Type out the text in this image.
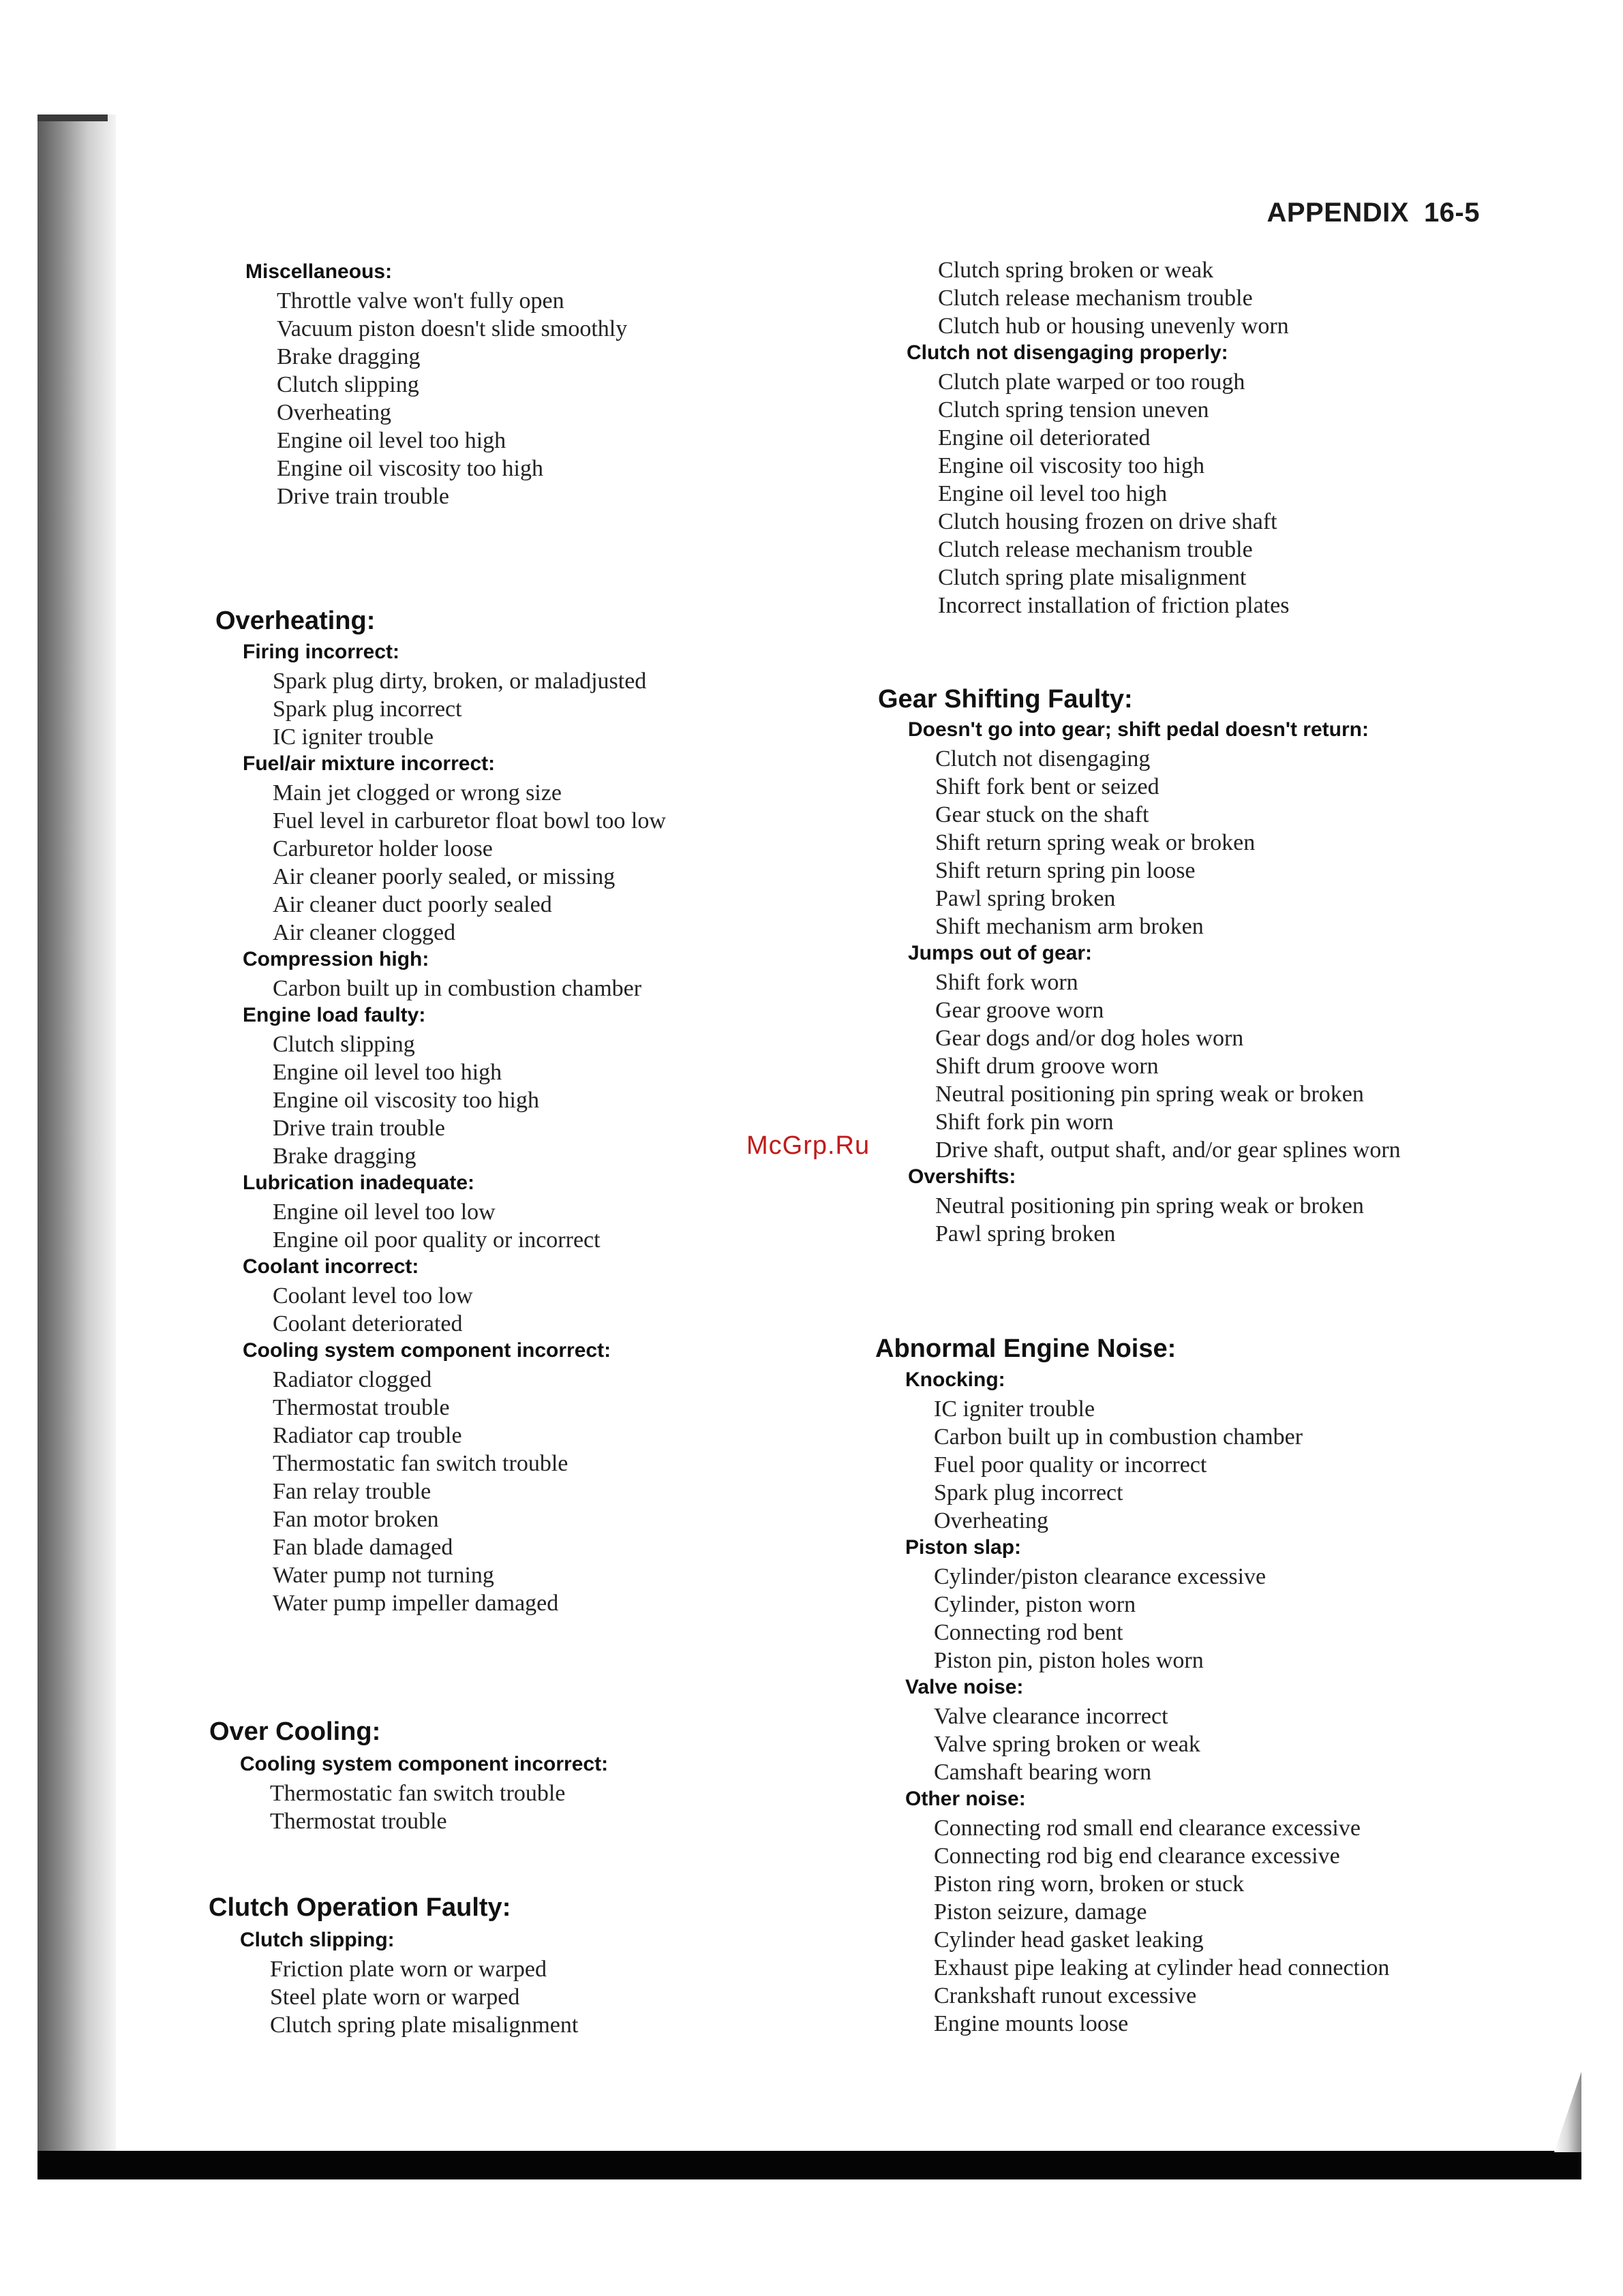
APPENDIX 16-5
McGrp.Ru
Miscellaneous:
Throttle valve won't fully open
Vacuum piston doesn't slide smoothly
Brake dragging
Clutch slipping
Overheating
Engine oil level too high
Engine oil viscosity too high
Drive train trouble
Overheating:
Firing incorrect:
Spark plug dirty, broken, or maladjusted
Spark plug incorrect
IC igniter trouble
Fuel/air mixture incorrect:
Main jet clogged or wrong size
Fuel level in carburetor float bowl too low
Carburetor holder loose
Air cleaner poorly sealed, or missing
Air cleaner duct poorly sealed
Air cleaner clogged
Compression high:
Carbon built up in combustion chamber
Engine load faulty:
Clutch slipping
Engine oil level too high
Engine oil viscosity too high
Drive train trouble
Brake dragging
Lubrication inadequate:
Engine oil level too low
Engine oil poor quality or incorrect
Coolant incorrect:
Coolant level too low
Coolant deteriorated
Cooling system component incorrect:
Radiator clogged
Thermostat trouble
Radiator cap trouble
Thermostatic fan switch trouble
Fan relay trouble
Fan motor broken
Fan blade damaged
Water pump not turning
Water pump impeller damaged
Over Cooling:
Cooling system component incorrect:
Thermostatic fan switch trouble
Thermostat trouble
Clutch Operation Faulty:
Clutch slipping:
Friction plate worn or warped
Steel plate worn or warped
Clutch spring plate misalignment
Clutch spring broken or weak
Clutch release mechanism trouble
Clutch hub or housing unevenly worn
Clutch not disengaging properly:
Clutch plate warped or too rough
Clutch spring tension uneven
Engine oil deteriorated
Engine oil viscosity too high
Engine oil level too high
Clutch housing frozen on drive shaft
Clutch release mechanism trouble
Clutch spring plate misalignment
Incorrect installation of friction plates
Gear Shifting Faulty:
Doesn't go into gear; shift pedal doesn't return:
Clutch not disengaging
Shift fork bent or seized
Gear stuck on the shaft
Shift return spring weak or broken
Shift return spring pin loose
Pawl spring broken
Shift mechanism arm broken
Jumps out of gear:
Shift fork worn
Gear groove worn
Gear dogs and/or dog holes worn
Shift drum groove worn
Neutral positioning pin spring weak or broken
Shift fork pin worn
Drive shaft, output shaft, and/or gear splines worn
Overshifts:
Neutral positioning pin spring weak or broken
Pawl spring broken
Abnormal Engine Noise:
Knocking:
IC igniter trouble
Carbon built up in combustion chamber
Fuel poor quality or incorrect
Spark plug incorrect
Overheating
Piston slap:
Cylinder/piston clearance excessive
Cylinder, piston worn
Connecting rod bent
Piston pin, piston holes worn
Valve noise:
Valve clearance incorrect
Valve spring broken or weak
Camshaft bearing worn
Other noise:
Connecting rod small end clearance excessive
Connecting rod big end clearance excessive
Piston ring worn, broken or stuck
Piston seizure, damage
Cylinder head gasket leaking
Exhaust pipe leaking at cylinder head connection
Crankshaft runout excessive
Engine mounts loose
